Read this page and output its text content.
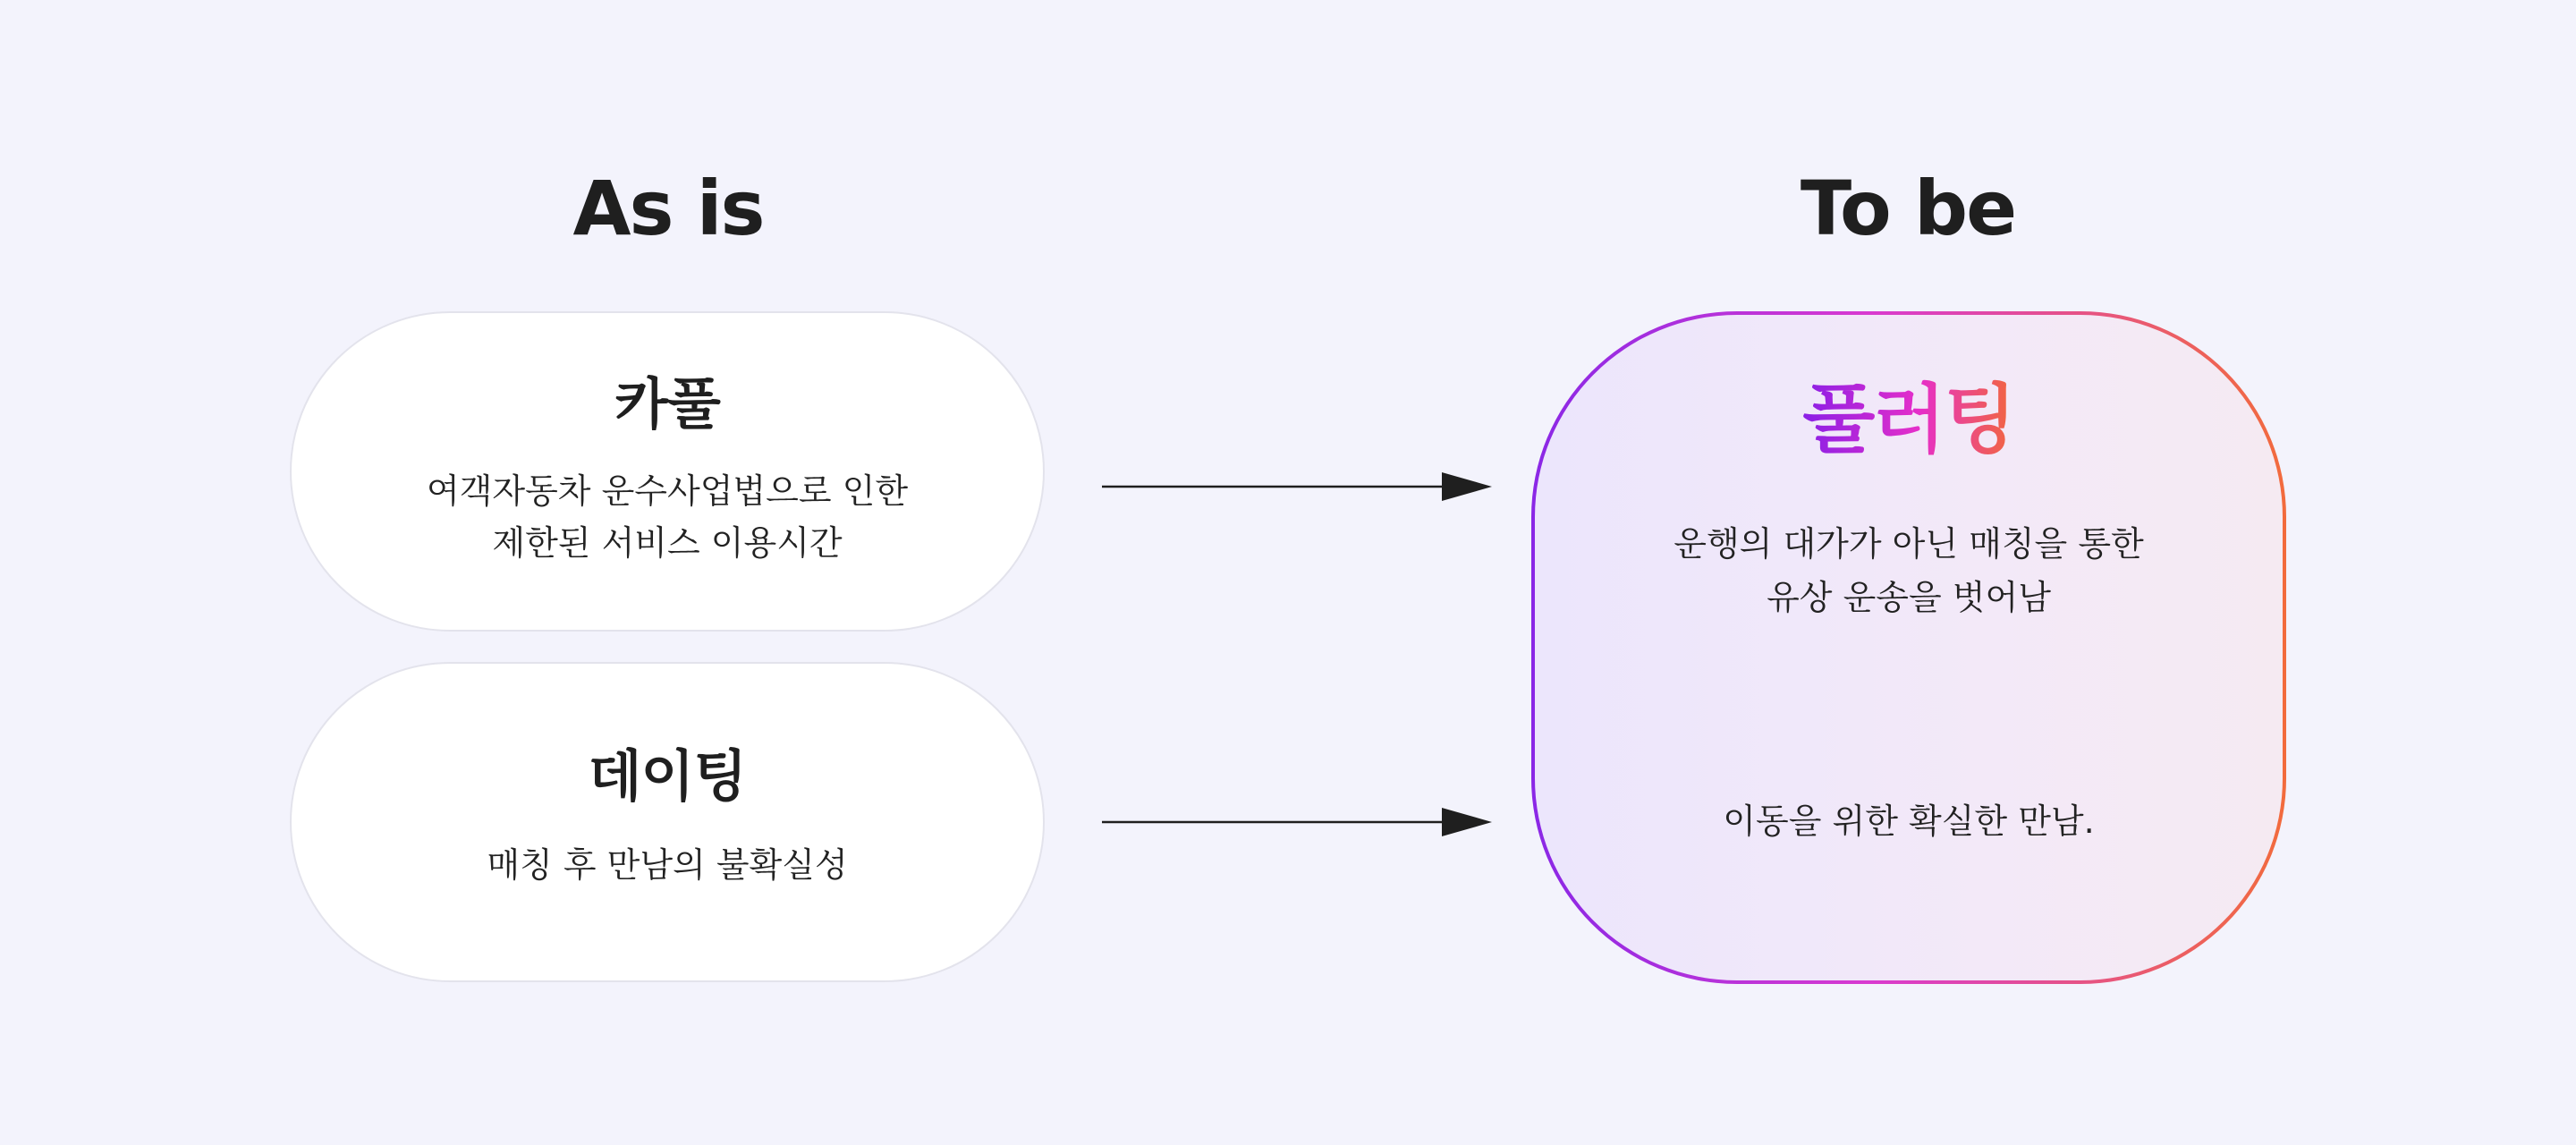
As is	To be
카풀
여객자동차 운수사업법으로 인한
제한된 서비스 이용시간
데이팅
매칭 후 만남의 불확실성
풀러팅
운행의 대가가 아닌 매칭을 통한
유상 운송을 벗어남
이동을 위한 확실한 만남.
